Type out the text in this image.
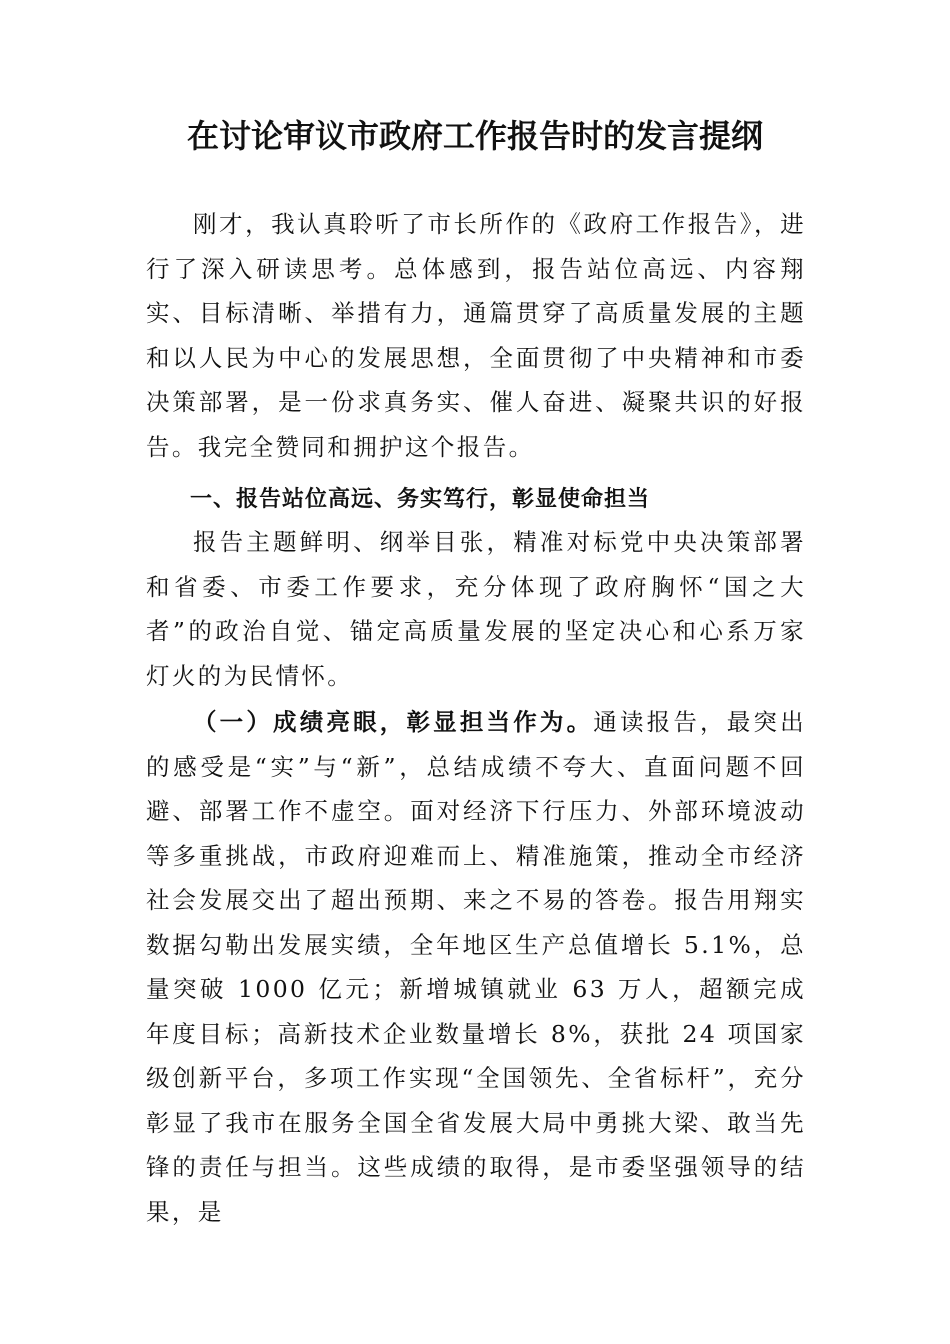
在讨论审议市政府工作报告时的发言提纲

刚才，我认真聆听了市长所作的《政府工作报告》，进行了深入研读思考。总体感到，报告站位高远、内容翔实、目标清晰、举措有力，通篇贯穿了高质量发展的主题和以人民为中心的发展思想，全面贯彻了中央精神和市委决策部署，是一份求真务实、催人奋进、凝聚共识的好报告。我完全赞同和拥护这个报告。

一、报告站位高远、务实笃行，彰显使命担当

报告主题鲜明、纲举目张，精准对标党中央决策部署和省委、市委工作要求，充分体现了政府胸怀“国之大者”的政治自觉、锚定高质量发展的坚定决心和心系万家灯火的为民情怀。

（一）成绩亮眼，彰显担当作为。通读报告，最突出的感受是“实”与“新”，总结成绩不夸大、直面问题不回避、部署工作不虚空。面对经济下行压力、外部环境波动等多重挑战，市政府迎难而上、精准施策，推动全市经济社会发展交出了超出预期、来之不易的答卷。报告用翔实数据勾勒出发展实绩，全年地区生产总值增长 5.1%，总量突破 1000 亿元；新增城镇就业 63 万人，超额完成年度目标；高新技术企业数量增长 8%，获批 24 项国家级创新平台，多项工作实现“全国领先、全省标杆”，充分彰显了我市在服务全国全省发展大局中勇挑大梁、敢当先锋的责任与担当。这些成绩的取得，是市委坚强领导的结果，是
